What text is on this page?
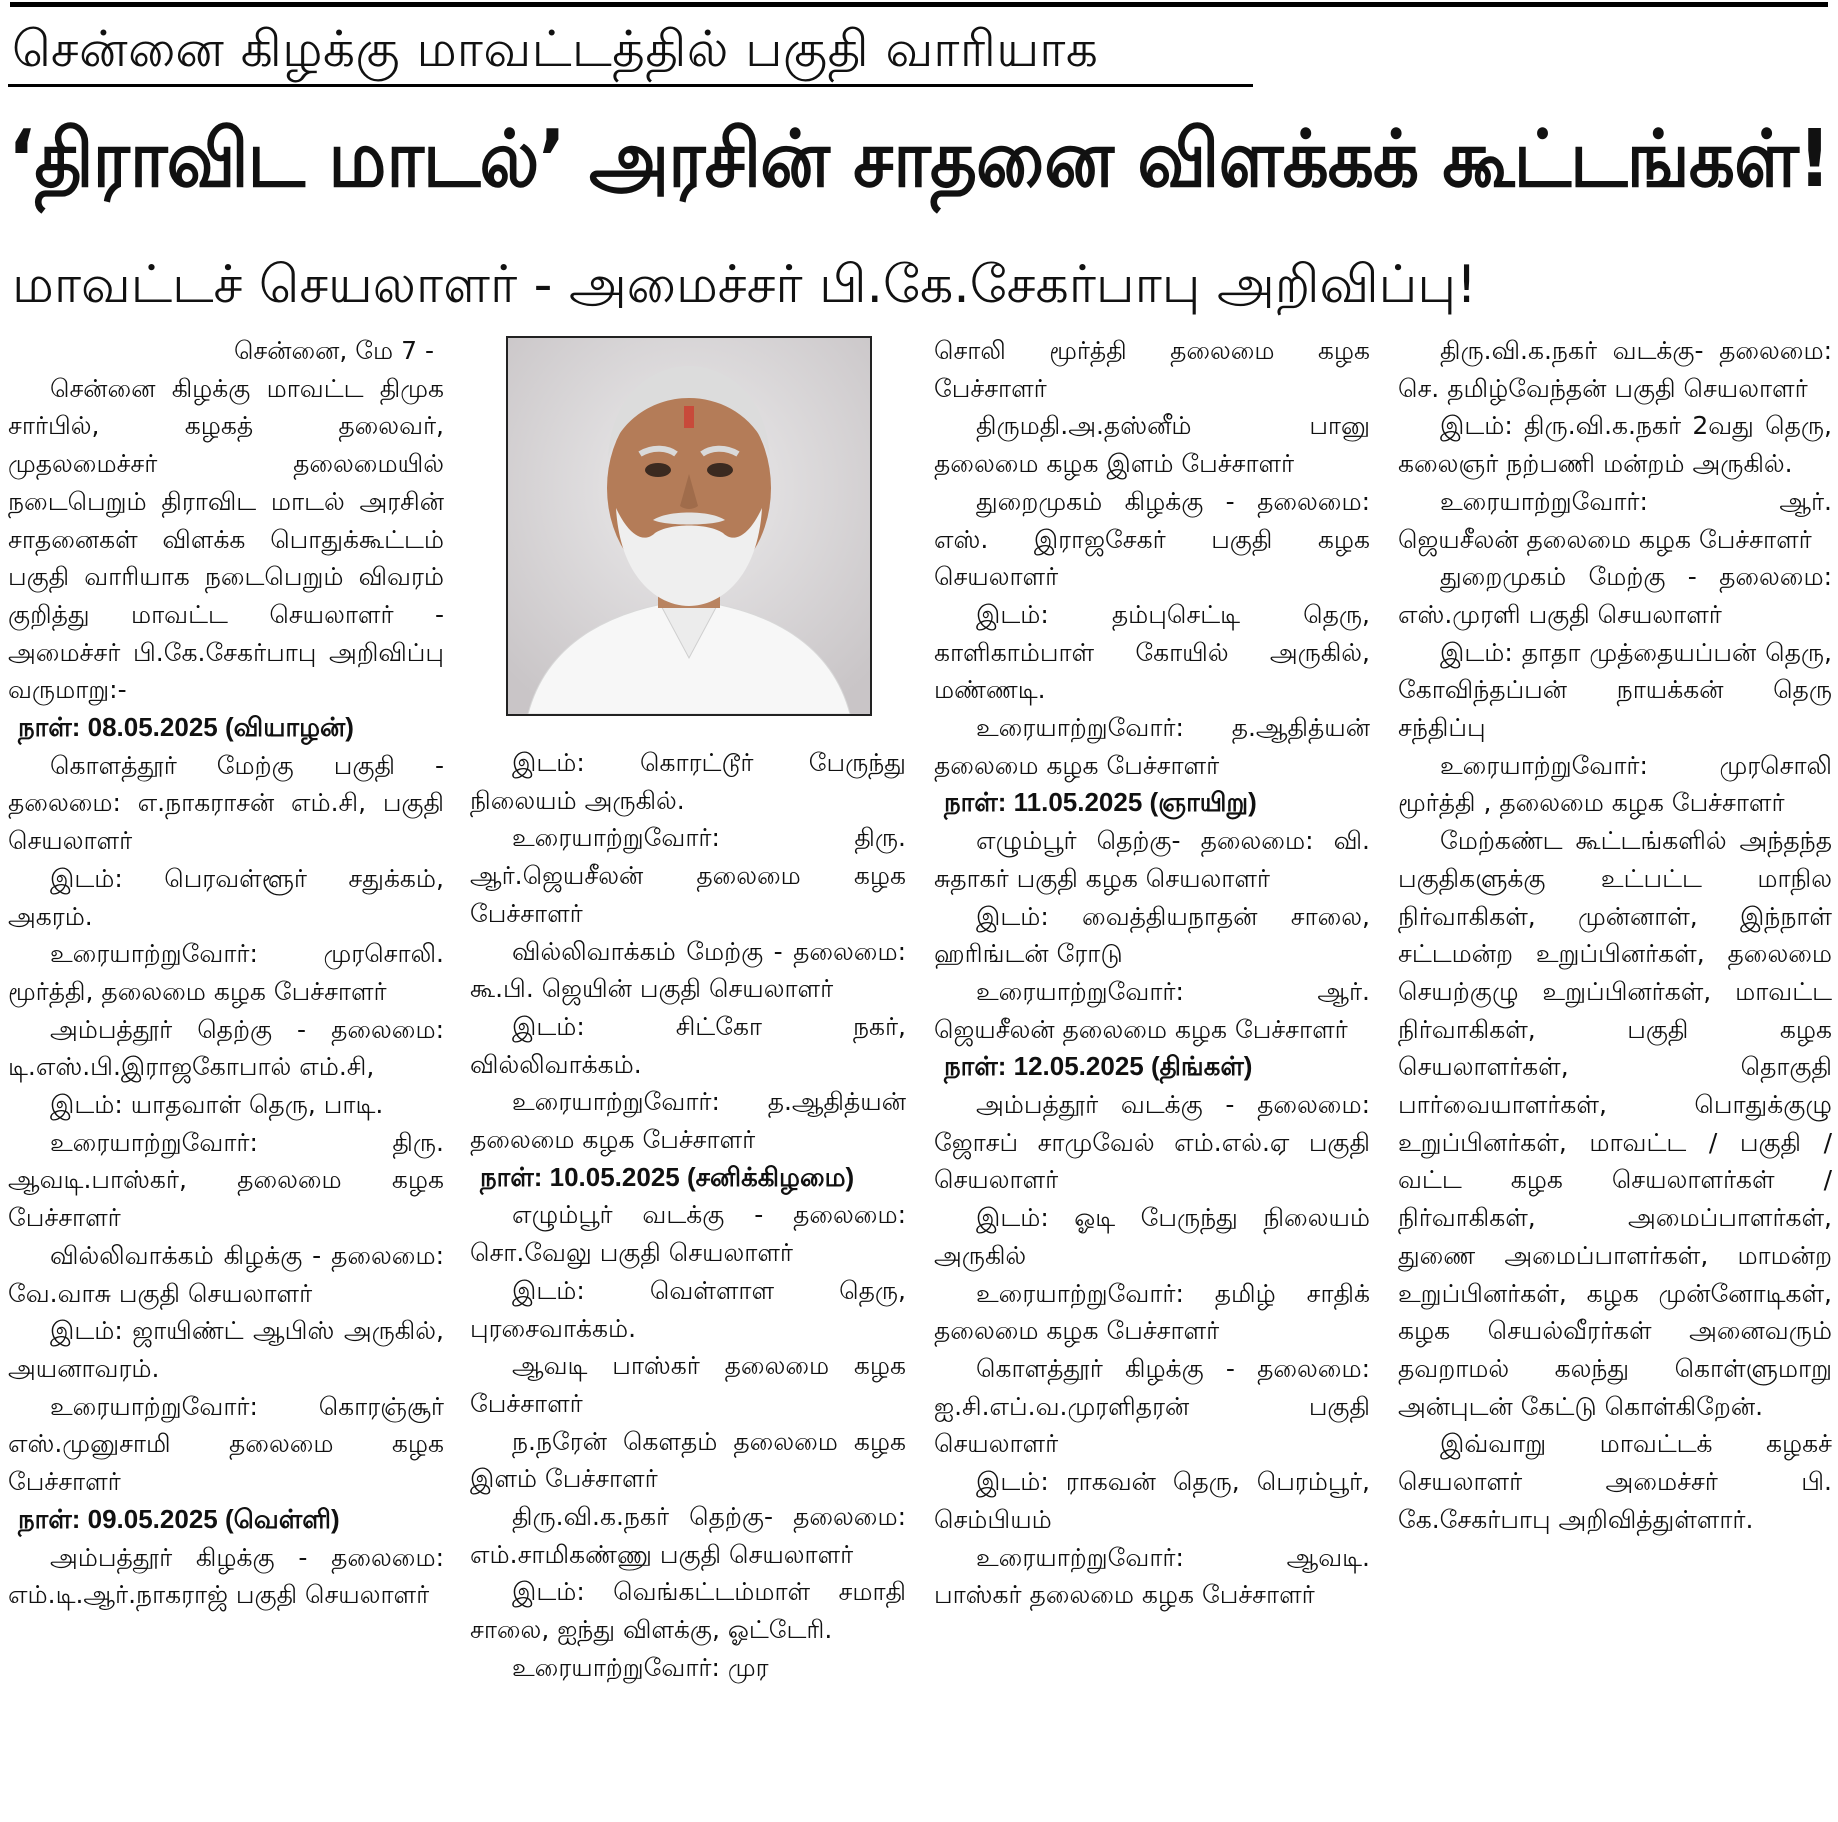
சென்னை கிழக்கு மாவட்டத்தில் பகுதி வாரியாக
‘திராவிட மாடல்’ அரசின் சாதனை விளக்கக் கூட்டங்கள்!
மாவட்டச் செயலாளர் - அமைச்சர் பி.கே.சேகர்பாபு அறிவிப்பு!

சென்னை, மே 7 -

சென்னை கிழக்கு மாவட்ட திமுக சார்பில், கழகத் தலைவர், முதலமைச்சர் தலைமையில் நடைபெறும் திராவிட மாடல் அரசின் சாதனைகள் விளக்க பொதுக்கூட்டம் பகுதி வாரியாக நடைபெறும் விவரம் குறித்து மாவட்ட செயலாளர் - அமைச்சர் பி.கே.சேகர்பாபு அறிவிப்பு வருமாறு:-

நாள்: 08.05.2025 (வியாழன்)

கொளத்தூர் மேற்கு பகுதி - தலைமை: எ.நாகராசன் எம்.சி, பகுதி செயலாளர்

இடம்: பெரவள்ளூர் சதுக்கம், அகரம்.

உரையாற்றுவோர்: முரசொலி. மூர்த்தி, தலைமை கழக பேச்சாளர்

அம்பத்தூர் தெற்கு - தலைமை: டி.எஸ்.பி.இராஜகோபால் எம்.சி,

இடம்: யாதவாள் தெரு, பாடி.

உரையாற்றுவோர்: திரு. ஆவடி.பாஸ்கர், தலைமை கழக பேச்சாளர்

வில்லிவாக்கம் கிழக்கு - தலைமை: வே.வாசு பகுதி செயலாளர்

இடம்: ஜாயிண்ட் ஆபிஸ் அருகில், அயனாவரம்.

உரையாற்றுவோர்: கொரஞ்சூர் எஸ்.முனுசாமி தலைமை கழக பேச்சாளர்

நாள்: 09.05.2025 (வெள்ளி)

அம்பத்தூர் கிழக்கு - தலைமை: எம்.டி.ஆர்.நாகராஜ் பகுதி செயலாளர்

இடம்: கொரட்டூர் பேருந்து நிலையம் அருகில்.

உரையாற்றுவோர்: திரு. ஆர்.ஜெயசீலன் தலைமை கழக பேச்சாளர்

வில்லிவாக்கம் மேற்கு - தலைமை: கூ.பி. ஜெயின் பகுதி செயலாளர்

இடம்: சிட்கோ நகர், வில்லிவாக்கம்.

உரையாற்றுவோர்: த.ஆதித்யன் தலைமை கழக பேச்சாளர்

நாள்: 10.05.2025 (சனிக்கிழமை)

எழும்பூர் வடக்கு - தலைமை: சொ.வேலு பகுதி செயலாளர்

இடம்: வெள்ளாள தெரு, புரசைவாக்கம்.

ஆவடி பாஸ்கர் தலைமை கழக பேச்சாளர்

ந.நரேன் கௌதம் தலைமை கழக இளம் பேச்சாளர்

திரு.வி.க.நகர் தெற்கு- தலைமை: எம்.சாமிகண்ணு பகுதி செயலாளர்

இடம்: வெங்கட்டம்மாள் சமாதி சாலை, ஐந்து விளக்கு, ஓட்டேரி.

உரையாற்றுவோர்: முர

சொலி மூர்த்தி தலைமை கழக பேச்சாளர்

திருமதி.அ.தஸ்னீம் பானு தலைமை கழக இளம் பேச்சாளர்

துறைமுகம் கிழக்கு - தலைமை: எஸ். இராஜசேகர் பகுதி கழக செயலாளர்

இடம்: தம்புசெட்டி தெரு, காளிகாம்பாள் கோயில் அருகில், மண்ணடி.

உரையாற்றுவோர்: த.ஆதித்யன் தலைமை கழக பேச்சாளர்

நாள்: 11.05.2025 (ஞாயிறு)

எழும்பூர் தெற்கு- தலைமை: வி. சுதாகர் பகுதி கழக செயலாளர்

இடம்: வைத்தியநாதன் சாலை, ஹரிங்டன் ரோடு

உரையாற்றுவோர்: ஆர். ஜெயசீலன் தலைமை கழக பேச்சாளர்

நாள்: 12.05.2025 (திங்கள்)

அம்பத்தூர் வடக்கு - தலைமை: ஜோசப் சாமுவேல் எம்.எல்.ஏ பகுதி செயலாளர்

இடம்: ஓடி பேருந்து நிலையம் அருகில்

உரையாற்றுவோர்: தமிழ் சாதிக் தலைமை கழக பேச்சாளர்

கொளத்தூர் கிழக்கு - தலைமை: ஐ.சி.எப்.வ.முரளிதரன் பகுதி செயலாளர்

இடம்: ராகவன் தெரு, பெரம்பூர், செம்பியம்

உரையாற்றுவோர்: ஆவடி. பாஸ்கர் தலைமை கழக பேச்சாளர்

திரு.வி.க.நகர் வடக்கு- தலைமை: செ. தமிழ்வேந்தன் பகுதி செயலாளர்

இடம்: திரு.வி.க.நகர் 2வது தெரு, கலைஞர் நற்பணி மன்றம் அருகில்.

உரையாற்றுவோர்: ஆர். ஜெயசீலன் தலைமை கழக பேச்சாளர்

துறைமுகம் மேற்கு - தலைமை: எஸ்.முரளி பகுதி செயலாளர்

இடம்: தாதா முத்தையப்பன் தெரு, கோவிந்தப்பன் நாயக்கன் தெரு சந்திப்பு

உரையாற்றுவோர்: முரசொலி மூர்த்தி , தலைமை கழக பேச்சாளர்

மேற்கண்ட கூட்டங்களில் அந்தந்த பகுதிகளுக்கு உட்பட்ட மாநில நிர்வாகிகள், முன்னாள், இந்நாள் சட்டமன்ற உறுப்பினர்கள், தலைமை செயற்குழு உறுப்பினர்கள், மாவட்ட நிர்வாகிகள், பகுதி கழக செயலாளர்கள், தொகுதி பார்வையாளர்கள், பொதுக்குழு உறுப்பினர்கள், மாவட்ட / பகுதி / வட்ட கழக செயலாளர்கள் / நிர்வாகிகள், அமைப்பாளர்கள், துணை அமைப்பாளர்கள், மாமன்ற உறுப்பினர்கள், கழக முன்னோடிகள், கழக செயல்வீரர்கள் அனைவரும் தவறாமல் கலந்து கொள்ளுமாறு அன்புடன் கேட்டு கொள்கிறேன்.

இவ்வாறு மாவட்டக் கழகச் செயலாளர் அமைச்சர் பி. கே.சேகர்பாபு அறிவித்துள்ளார்.
